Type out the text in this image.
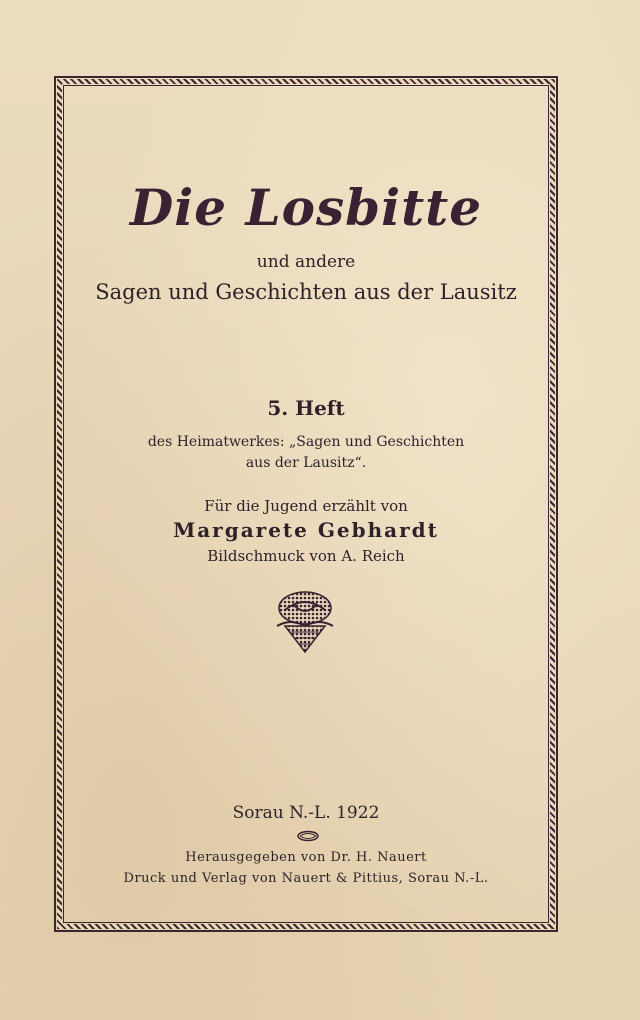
Die Losbitte
und andere
Sagen und Geschichten aus der Lausitz
5. Heft
des Heimatwerkes: „Sagen und Geschichten
aus der Lausitz“.
Für die Jugend erzählt von
Margarete Gebhardt
Bildschmuck von A. Reich
Sorau N.-L. 1922
Herausgegeben von Dr. H. Nauert
Druck und Verlag von Nauert & Pittius, Sorau N.-L.
